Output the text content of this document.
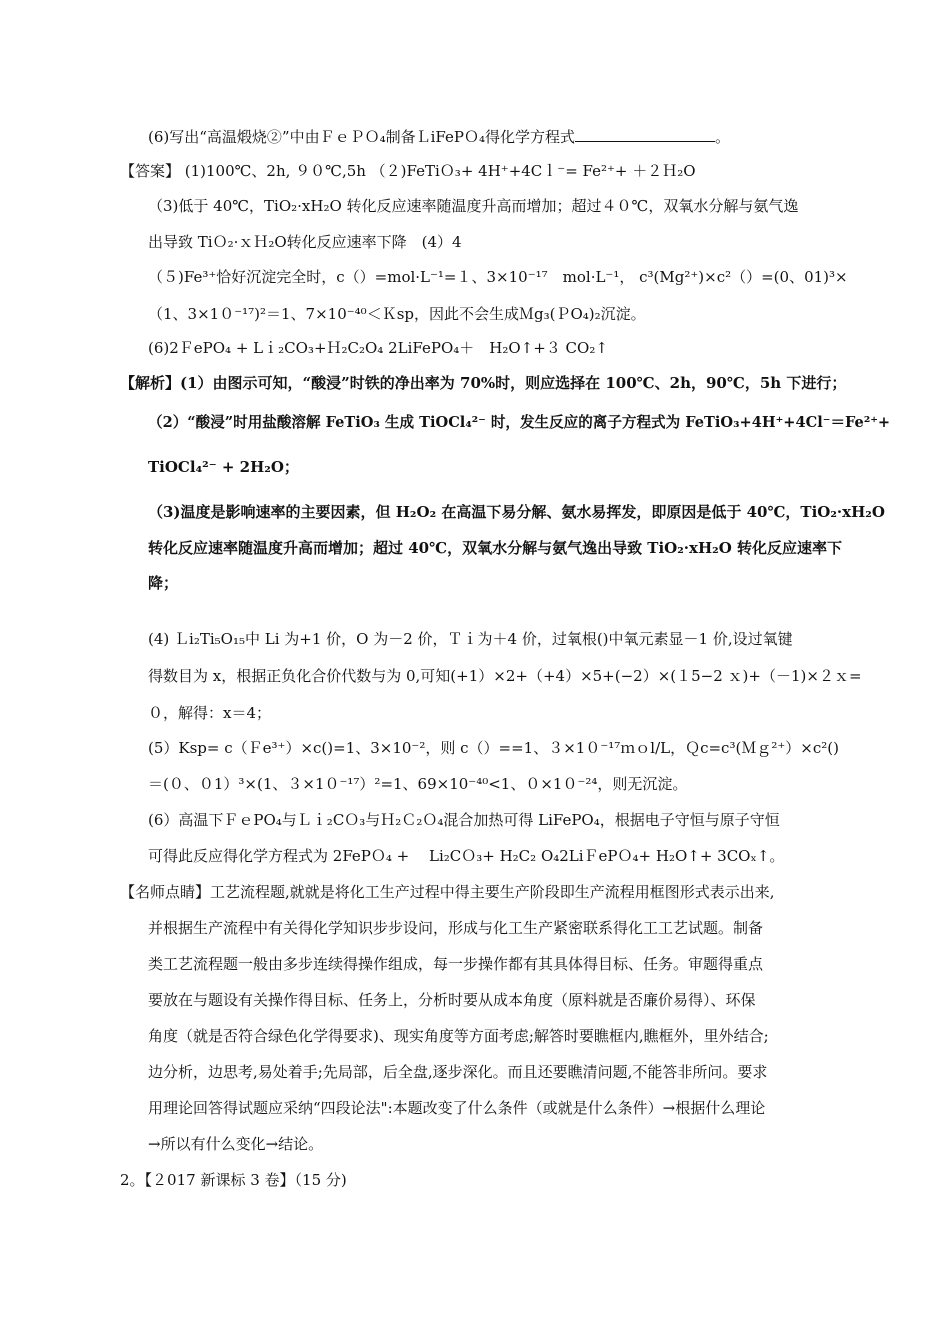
(6)写出“高温煅烧②”中由ＦｅＰＯ₄制备ＬiFePＯ₄得化学方程式	。
【答案】 (1)100℃、2h, ９０℃,5h （２)FeTiＯ₃+ 4H⁺+4Cｌ⁻= Fe²⁺+ ＋２Ｈ₂O
（3)低于 40℃，TiO₂·xH₂O 转化反应速率随温度升高而增加；超过４０℃，双氧水分解与氨气逸
出导致 TiＯ₂·ｘＨ₂O转化反应速率下降　(4）4
（５)Fe³⁺恰好沉淀完全时，c（）=mol·L⁻¹=１、3×10⁻¹⁷　mol·L⁻¹， c³(Mg²⁺)×c²（）=(0、01)³×
（1、3×1０⁻¹⁷)²＝1、7×10⁻⁴⁰＜Ｋsp，因此不会生成Ｍg₃(ＰO₄)₂沉淀。
(6)2ＦePO₄ + Lｉ₂CO₃+Ｈ₂C₂O₄ 2LiFePO₄＋　H₂O↑+３ CO₂↑
【解析】(1）由图示可知，“酸浸”时铁的净出率为 70%时，则应选择在 100℃、2h，90℃，5h 下进行；
（2）“酸浸”时用盐酸溶解 FeTiO₃ 生成 TiOCl₄²⁻ 时，发生反应的离子方程式为 FeTiO₃+4H⁺+4Cl⁻＝Fe²⁺+
TiOCl₄²⁻ + 2H₂O；
（3)温度是影响速率的主要因素，但 H₂O₂ 在高温下易分解、氨水易挥发，即原因是低于 40℃，TiO₂·xH₂O
转化反应速率随温度升高而增加；超过 40℃，双氧水分解与氨气逸出导致 TiO₂·xH₂O 转化反应速率下
降；
(4) Ｌi₂Ti₅O₁₅中 Li 为+1 价，O 为－2 价，Ｔｉ为＋4 价，过氧根()中氧元素显－1 价,设过氧键
得数目为 x，根据正负化合价代数与为 0,可知(+1）×2+（+4）×5+(−2）×(１5−2 ｘ)+（－1)×２ｘ=
０，解得：x＝4；
(5）Ksp= c（Ｆe³⁺）×c()=1、3×10⁻²，则 c（）==1、３×1０⁻¹⁷ｍｏl/L，Ｑc=c³(Ｍｇ²⁺）×c²()
＝(０、０1）³×(1、３×1０⁻¹⁷）²=1、69×10⁻⁴⁰<1、０×1０⁻²⁴，则无沉淀。
(6）高温下ＦｅPO₄与Ｌｉ₂CＯ₃与Ｈ₂Ｃ₂Ｏ₄混合加热可得 LiFePO₄，根据电子守恒与原子守恒
可得此反应得化学方程式为 2FePＯ₄ + 　Li₂CＯ₃+ H₂C₂ O₄2LiＦePＯ₄+ H₂O↑+ 3COₓ↑。
【名师点睛】工艺流程题,就就是将化工生产过程中得主要生产阶段即生产流程用框图形式表示出来,
并根据生产流程中有关得化学知识步步设问，形成与化工生产紧密联系得化工工艺试题。制备
类工艺流程题一般由多步连续得操作组成，每一步操作都有其具体得目标、任务。审题得重点
要放在与题设有关操作得目标、任务上，分析时要从成本角度（原料就是否廉价易得）、环保
角度（就是否符合绿色化学得要求)、现实角度等方面考虑;解答时要瞧框内,瞧框外，里外结合;
边分析，边思考,易处着手;先局部，后全盘,逐步深化。而且还要瞧清问题,不能答非所问。要求
用理论回答得试题应采纳“四段论法":本题改变了什么条件（或就是什么条件）→根据什么理论
→所以有什么变化→结论。
2。【２017 新课标 3 卷】（15 分)
